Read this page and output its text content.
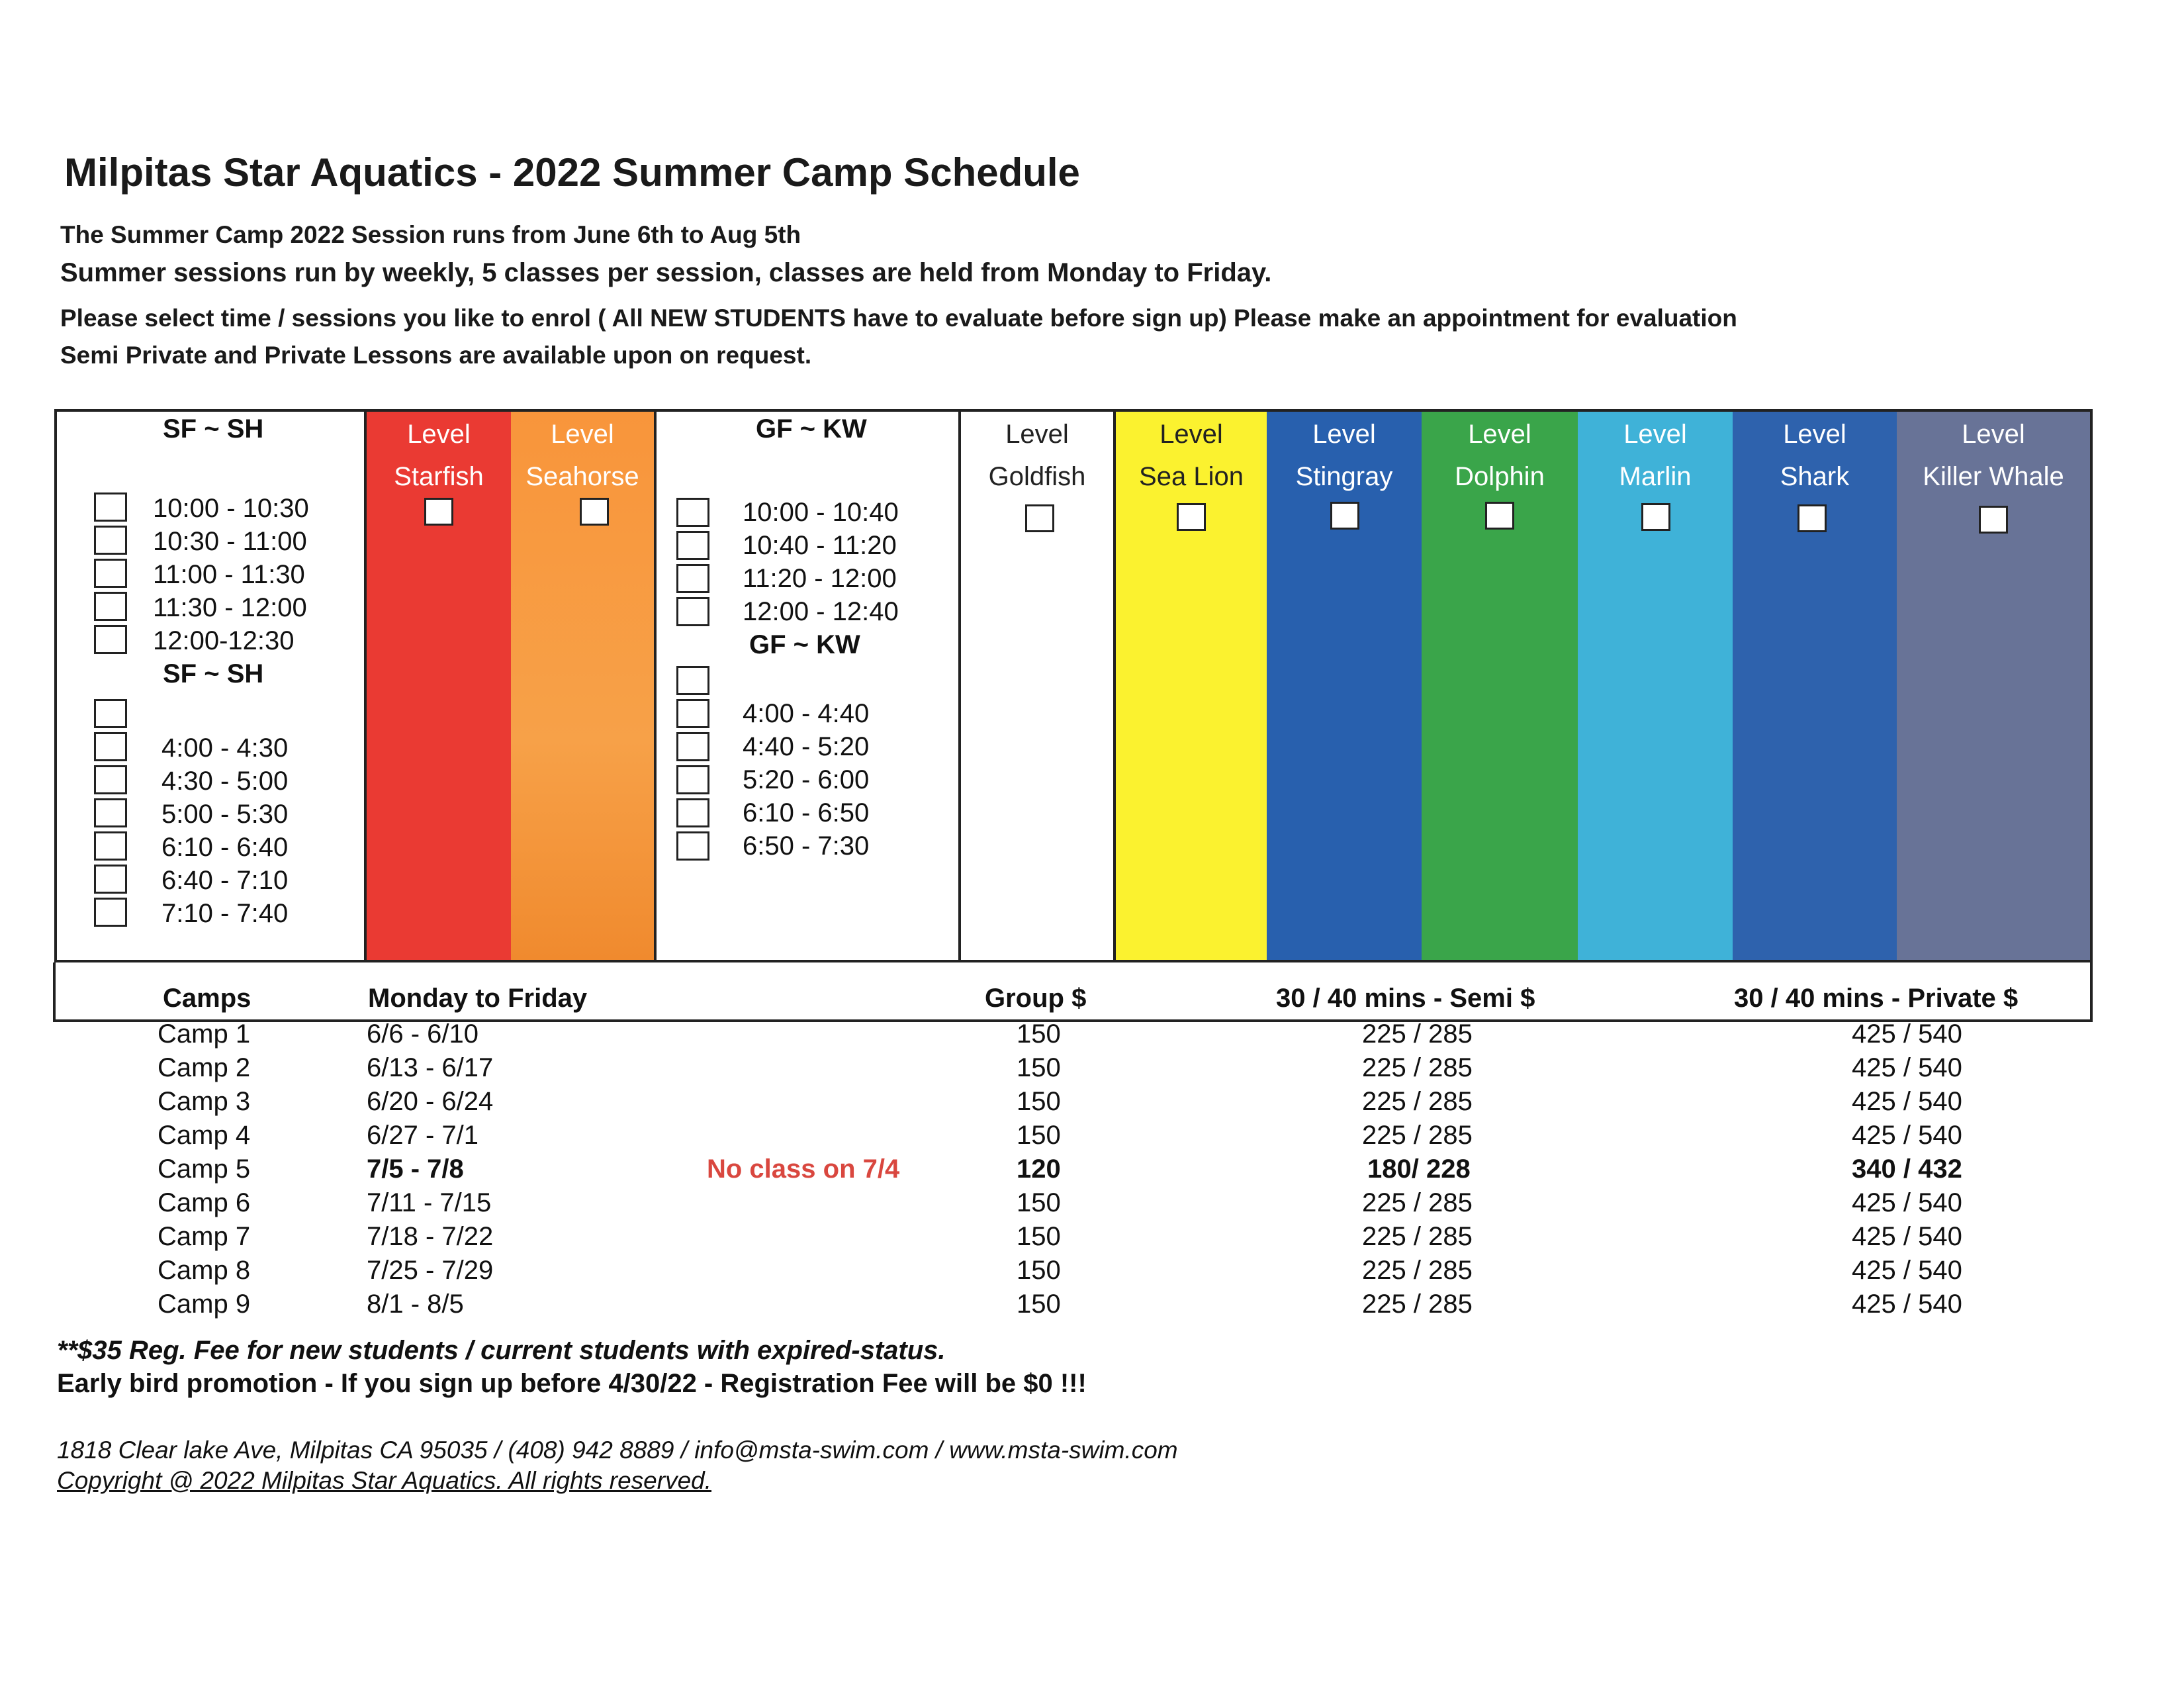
Milpitas Star Aquatics - 2022 Summer Camp Schedule
The Summer Camp 2022 Session runs from June 6th to Aug 5th
Summer sessions run by weekly, 5 classes per session, classes are held from Monday to Friday.
Please select time / sessions you like to enrol ( All NEW STUDENTS have to evaluate before sign up) Please make an appointment for evaluation
Semi Private and Private Lessons are available upon on request.
SF ~ SH
10:00 - 10:30
10:30 - 11:00
11:00 - 11:30
11:30 - 12:00
12:00-12:30
SF ~ SH
4:00 - 4:30
4:30 - 5:00
5:00 - 5:30
6:10 - 6:40
6:40 - 7:10
7:10 - 7:40
Level
Starfish
Level
Seahorse
GF ~ KW
10:00 - 10:40
10:40 - 11:20
11:20 - 12:00
12:00 - 12:40
GF ~ KW
4:00 - 4:40
4:40 - 5:20
5:20 - 6:00
6:10 - 6:50
6:50 - 7:30
Level
Goldfish
Level
Sea Lion
Level
Stingray
Level
Dolphin
Level
Marlin
Level
Shark
Level
Killer Whale
Camps	Monday to Friday	Group $	30 / 40 mins - Semi $	30 / 40 mins - Private $
Camp 1	6/6 - 6/10	150	225 / 285	425 / 540
Camp 2	6/13 - 6/17	150	225 / 285	425 / 540
Camp 3	6/20 - 6/24	150	225 / 285	425 / 540
Camp 4	6/27 - 7/1	150	225 / 285	425 / 540
Camp 5	7/5 - 7/8	No class on 7/4	120	180/ 228	340 / 432
Camp 6	7/11 - 7/15	150	225 / 285	425 / 540
Camp 7	7/18 - 7/22	150	225 / 285	425 / 540
Camp 8	7/25 - 7/29	150	225 / 285	425 / 540
Camp 9	8/1 - 8/5	150	225 / 285	425 / 540
**$35 Reg. Fee for new students / current students with expired-status.
Early bird promotion - If you sign up before 4/30/22 - Registration Fee will be $0 !!!
1818 Clear lake Ave, Milpitas CA 95035 / (408) 942 8889 / info@msta-swim.com / www.msta-swim.com
Copyright @ 2022 Milpitas Star Aquatics. All rights reserved.
